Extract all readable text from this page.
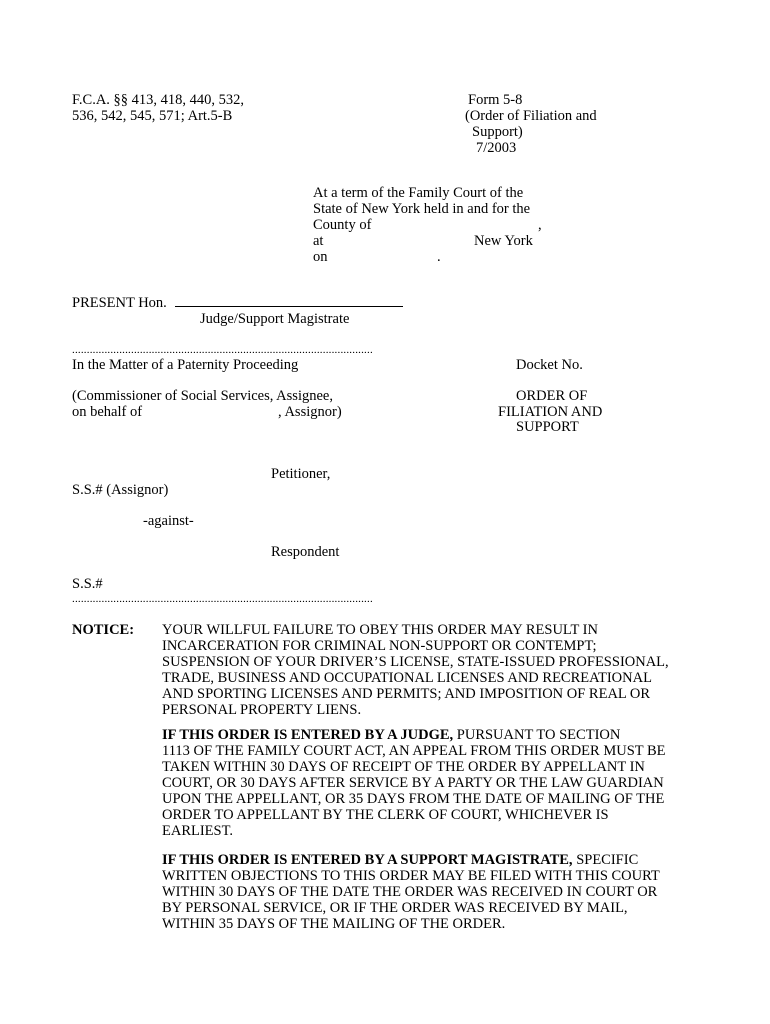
F.C.A. §§ 413, 418, 440, 532,
536, 542, 545, 571; Art.5-B
Form 5-8
(Order of Filiation and
Support)
7/2003
At a term of the Family Court of the
State of New York held in and for the
County of	,
at	New York
on	.
PRESENT Hon.
Judge/Support Magistrate
......................................................................................................
In the Matter of a Paternity Proceeding
(Commissioner of Social Services, Assignee,
on behalf of	, Assignor)
Petitioner,
S.S.# (Assignor)
-against-
Respondent
S.S.#
......................................................................................................
Docket No.
ORDER OF
FILIATION AND
SUPPORT
NOTICE: YOUR WILLFUL FAILURE TO OBEY THIS ORDER MAY RESULT IN
INCARCERATION FOR CRIMINAL NON-SUPPORT OR CONTEMPT;
SUSPENSION OF YOUR DRIVER’S LICENSE, STATE-ISSUED PROFESSIONAL,
TRADE, BUSINESS AND OCCUPATIONAL LICENSES AND RECREATIONAL
AND SPORTING LICENSES AND PERMITS; AND IMPOSITION OF REAL OR
PERSONAL PROPERTY LIENS.
IF THIS ORDER IS ENTERED BY A JUDGE, PURSUANT TO SECTION
1113 OF THE FAMILY COURT ACT, AN APPEAL FROM THIS ORDER MUST BE
TAKEN WITHIN 30 DAYS OF RECEIPT OF THE ORDER BY APPELLANT IN
COURT, OR 30 DAYS AFTER SERVICE BY A PARTY OR THE LAW GUARDIAN
UPON THE APPELLANT, OR 35 DAYS FROM THE DATE OF MAILING OF THE
ORDER TO APPELLANT BY THE CLERK OF COURT, WHICHEVER IS
EARLIEST.
IF THIS ORDER IS ENTERED BY A SUPPORT MAGISTRATE, SPECIFIC
WRITTEN OBJECTIONS TO THIS ORDER MAY BE FILED WITH THIS COURT
WITHIN 30 DAYS OF THE DATE THE ORDER WAS RECEIVED IN COURT OR
BY PERSONAL SERVICE, OR IF THE ORDER WAS RECEIVED BY MAIL,
WITHIN 35 DAYS OF THE MAILING OF THE ORDER.
